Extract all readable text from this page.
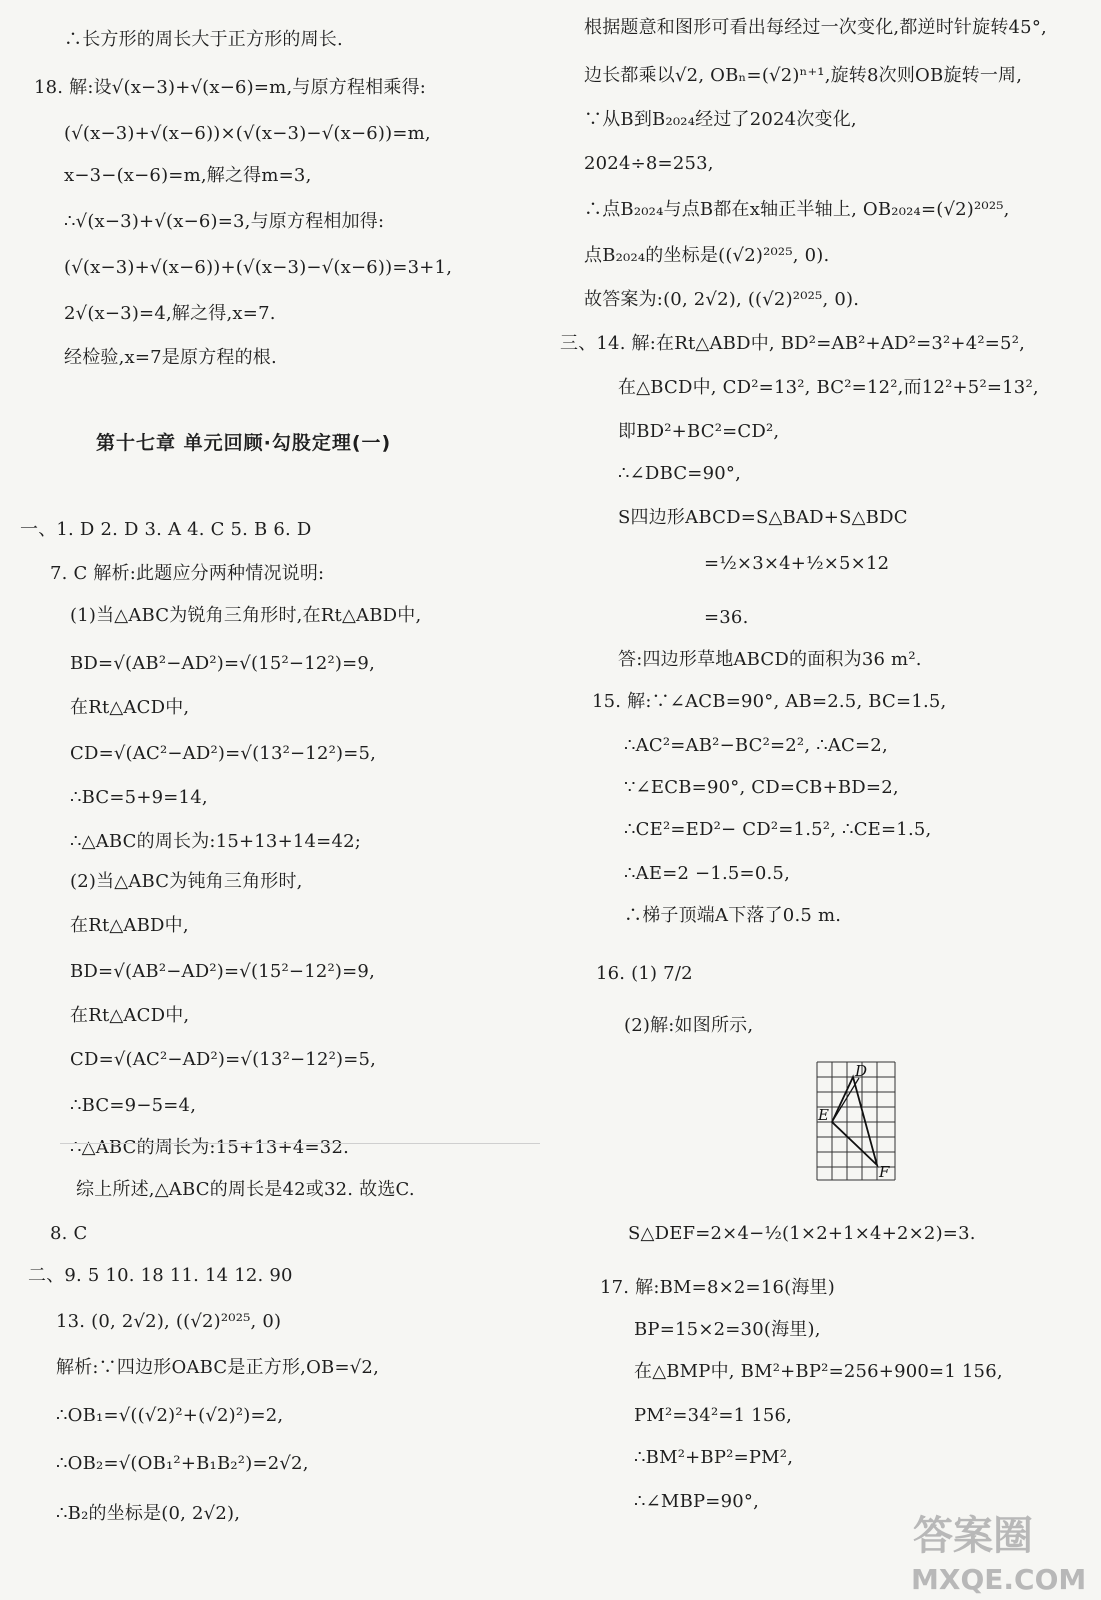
∴长方形的周长大于正方形的周长.
18. 解:设√(x−3)+√(x−6)=m,与原方程相乘得:
(√(x−3)+√(x−6))×(√(x−3)−√(x−6))=m,
x−3−(x−6)=m,解之得m=3,
∴√(x−3)+√(x−6)=3,与原方程相加得:
(√(x−3)+√(x−6))+(√(x−3)−√(x−6))=3+1,
2√(x−3)=4,解之得,x=7.
经检验,x=7是原方程的根.
第十七章 单元回顾·勾股定理(一)
一、1. D 2. D 3. A 4. C 5. B 6. D
7. C 解析:此题应分两种情况说明:
(1)当△ABC为锐角三角形时,在Rt△ABD中,
BD=√(AB²−AD²)=√(15²−12²)=9,
在Rt△ACD中,
CD=√(AC²−AD²)=√(13²−12²)=5,
∴BC=5+9=14,
∴△ABC的周长为:15+13+14=42;
(2)当△ABC为钝角三角形时,
在Rt△ABD中,
BD=√(AB²−AD²)=√(15²−12²)=9,
在Rt△ACD中,
CD=√(AC²−AD²)=√(13²−12²)=5,
∴BC=9−5=4,
∴△ABC的周长为:15+13+4=32.
综上所述,△ABC的周长是42或32. 故选C.
8. C
二、9. 5 10. 18 11. 14 12. 90
13. (0, 2√2), ((√2)²⁰²⁵, 0)
解析:∵四边形OABC是正方形,OB=√2,
∴OB₁=√((√2)²+(√2)²)=2,
∴OB₂=√(OB₁²+B₁B₂²)=2√2,
∴B₂的坐标是(0, 2√2),
根据题意和图形可看出每经过一次变化,都逆时针旋转45°,
边长都乘以√2, OBₙ=(√2)ⁿ⁺¹,旋转8次则OB旋转一周,
∵从B到B₂₀₂₄经过了2024次变化,
2024÷8=253,
∴点B₂₀₂₄与点B都在x轴正半轴上, OB₂₀₂₄=(√2)²⁰²⁵,
点B₂₀₂₄的坐标是((√2)²⁰²⁵, 0).
故答案为:(0, 2√2), ((√2)²⁰²⁵, 0).
三、14. 解:在Rt△ABD中, BD²=AB²+AD²=3²+4²=5²,
在△BCD中, CD²=13², BC²=12²,而12²+5²=13²,
即BD²+BC²=CD²,
∴∠DBC=90°,
S四边形ABCD=S△BAD+S△BDC
=½×3×4+½×5×12
=36.
答:四边形草地ABCD的面积为36 m².
15. 解:∵∠ACB=90°, AB=2.5, BC=1.5,
∴AC²=AB²−BC²=2², ∴AC=2,
∵∠ECB=90°, CD=CB+BD=2,
∴CE²=ED²− CD²=1.5², ∴CE=1.5,
∴AE=2 −1.5=0.5,
∴梯子顶端A下落了0.5 m.
16. (1) 7/2
(2)解:如图所示,
S△DEF=2×4−½(1×2+1×4+2×2)=3.
17. 解:BM=8×2=16(海里)
BP=15×2=30(海里),
在△BMP中, BM²+BP²=256+900=1 156,
PM²=34²=1 156,
∴BM²+BP²=PM²,
∴∠MBP=90°,
D
E
F
答案圈
MXQE.COM
